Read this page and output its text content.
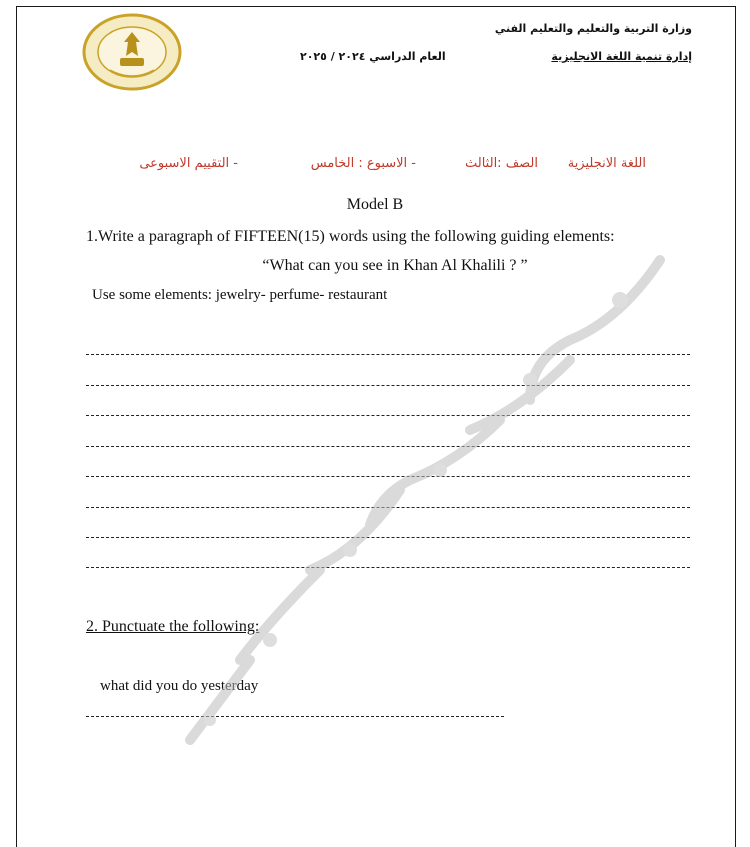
وزارة التربية والتعليم والتعليم الفني
إدارة تنمية اللغة الانجليزية
العام الدراسي ٢٠٢٤ / ٢٠٢٥
اللغة الانجليزية
الصف :الثالث
- الاسبوع : الخامس
- التقييم الاسبوعى
Model B
1.Write a paragraph of FIFTEEN(15) words using the following guiding elements:
“What can you see in Khan Al Khalili ? ”
Use some elements: jewelry- perfume- restaurant
2. Punctuate the following:
what did you do yesterday
